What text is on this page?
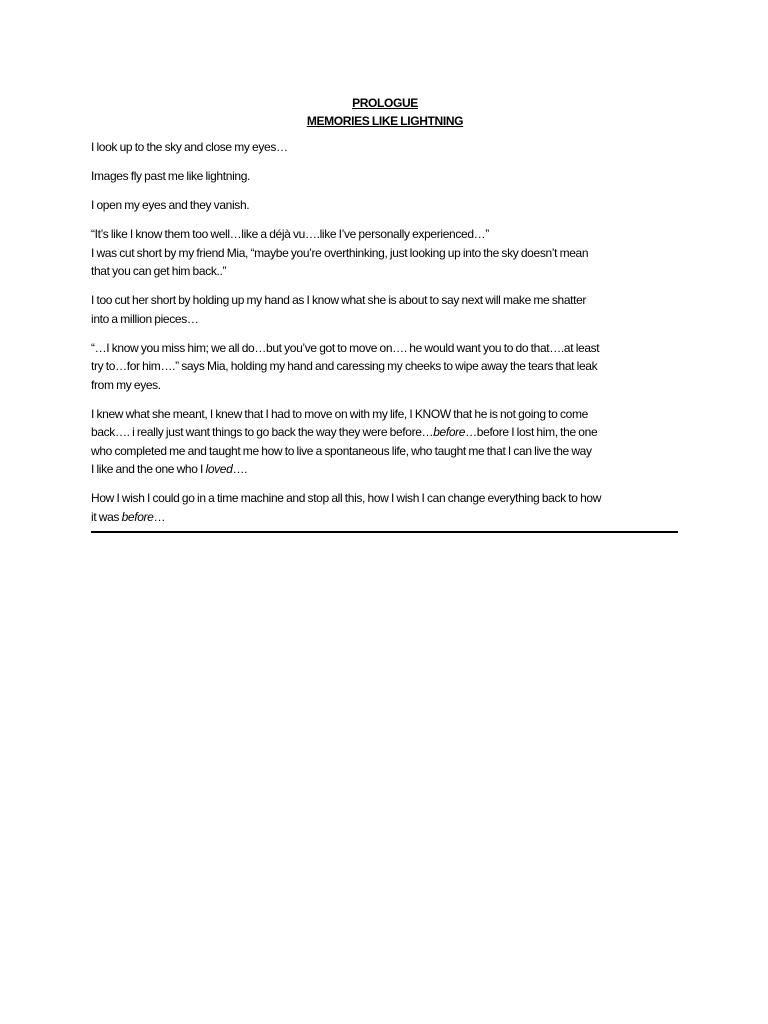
PROLOGUE

MEMORIES LIKE LIGHTNING

I look up to the sky and close my eyes…

Images fly past me like lightning.

I open my eyes and they vanish.

“It’s like I know them too well…like a déjà vu….like I’ve personally experienced…”
I was cut short by my friend Mia, “maybe you’re overthinking, just looking up into the sky doesn’t mean
that you can get him back..”

I too cut her short by holding up my hand as I know what she is about to say next will make me shatter
into a million pieces…

“…I know you miss him; we all do…but you’ve got to move on…. he would want you to do that….at least
try to…for him….” says Mia, holding my hand and caressing my cheeks to wipe away the tears that leak
from my eyes.

I knew what she meant, I knew that I had to move on with my life, I KNOW that he is not going to come
back…. i really just want things to go back the way they were before…before…before I lost him, the one
who completed me and taught me how to live a spontaneous life, who taught me that I can live the way
I like and the one who I loved….

How I wish I could go in a time machine and stop all this, how I wish I can change everything back to how
it was before…
